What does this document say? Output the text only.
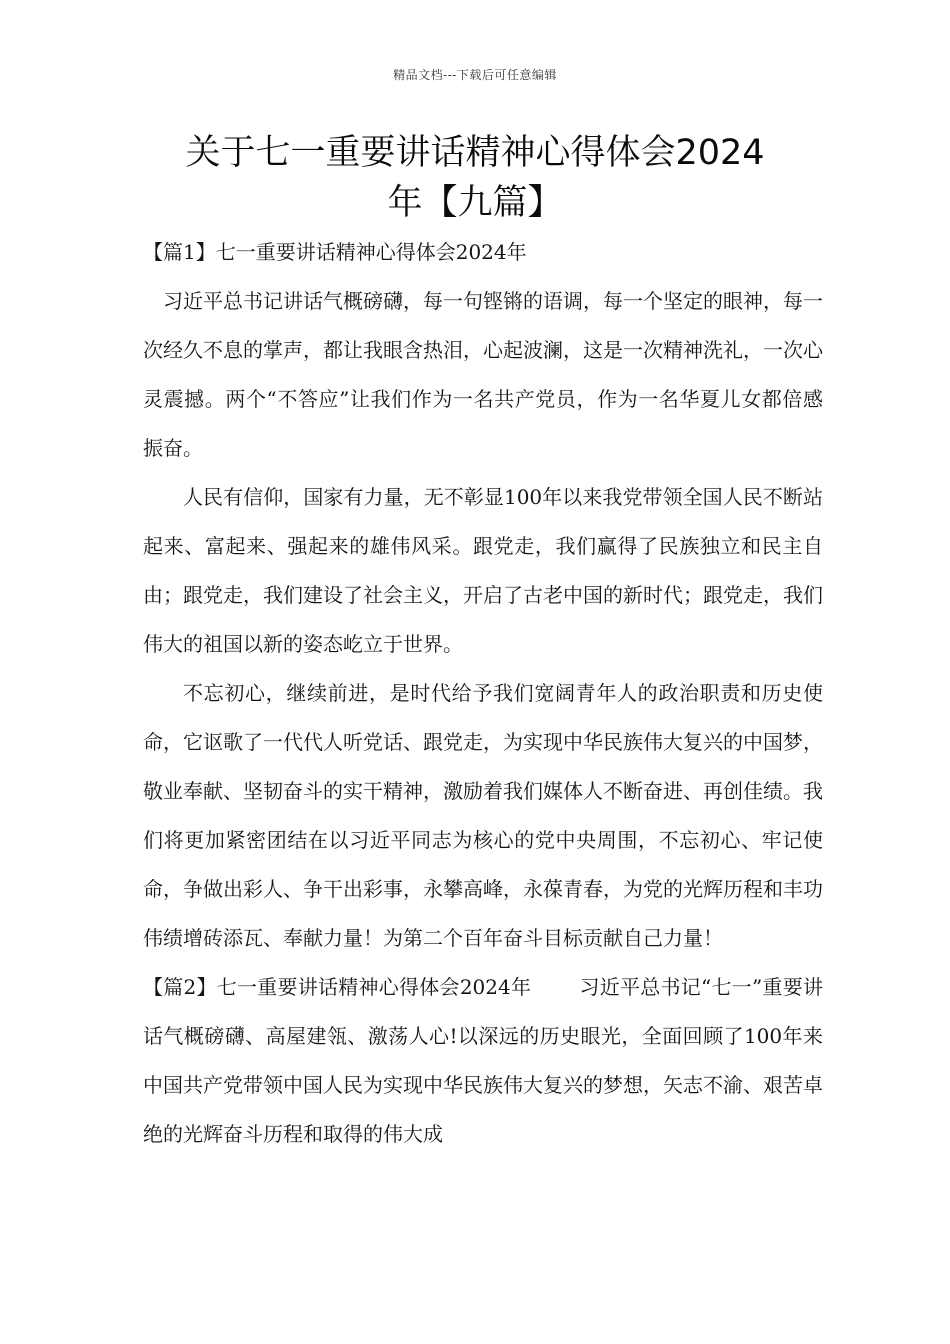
精品文档---下载后可任意编辑
关于七一重要讲话精神心得体会2024
年【九篇】

【篇1】七一重要讲话精神心得体会2024年

习近平总书记讲话气概磅礴，每一句铿锵的语调，每一个坚定的眼神，每一次经久不息的掌声，都让我眼含热泪，心起波澜，这是一次精神洗礼，一次心灵震撼。两个“不答应”让我们作为一名共产党员，作为一名华夏儿女都倍感振奋。

人民有信仰，国家有力量，无不彰显100年以来我党带领全国人民不断站起来、富起来、强起来的雄伟风采。跟党走，我们赢得了民族独立和民主自由；跟党走，我们建设了社会主义，开启了古老中国的新时代；跟党走，我们伟大的祖国以新的姿态屹立于世界。

不忘初心，继续前进，是时代给予我们宽阔青年人的政治职责和历史使命，它讴歌了一代代人听党话、跟党走，为实现中华民族伟大复兴的中国梦，敬业奉献、坚韧奋斗的实干精神，激励着我们媒体人不断奋进、再创佳绩。我们将更加紧密团结在以习近平同志为核心的党中央周围，不忘初心、牢记使命，争做出彩人、争干出彩事，永攀高峰，永葆青春，为党的光辉历程和丰功伟绩增砖添瓦、奉献力量！为第二个百年奋斗目标贡献自己力量！

【篇2】七一重要讲话精神心得体会2024年 习近平总书记“七一”重要讲话气概磅礴、高屋建瓴、激荡人心!以深远的历史眼光，全面回顾了100年来中国共产党带领中国人民为实现中华民族伟大复兴的梦想，矢志不渝、艰苦卓绝的光辉奋斗历程和取得的伟大成
